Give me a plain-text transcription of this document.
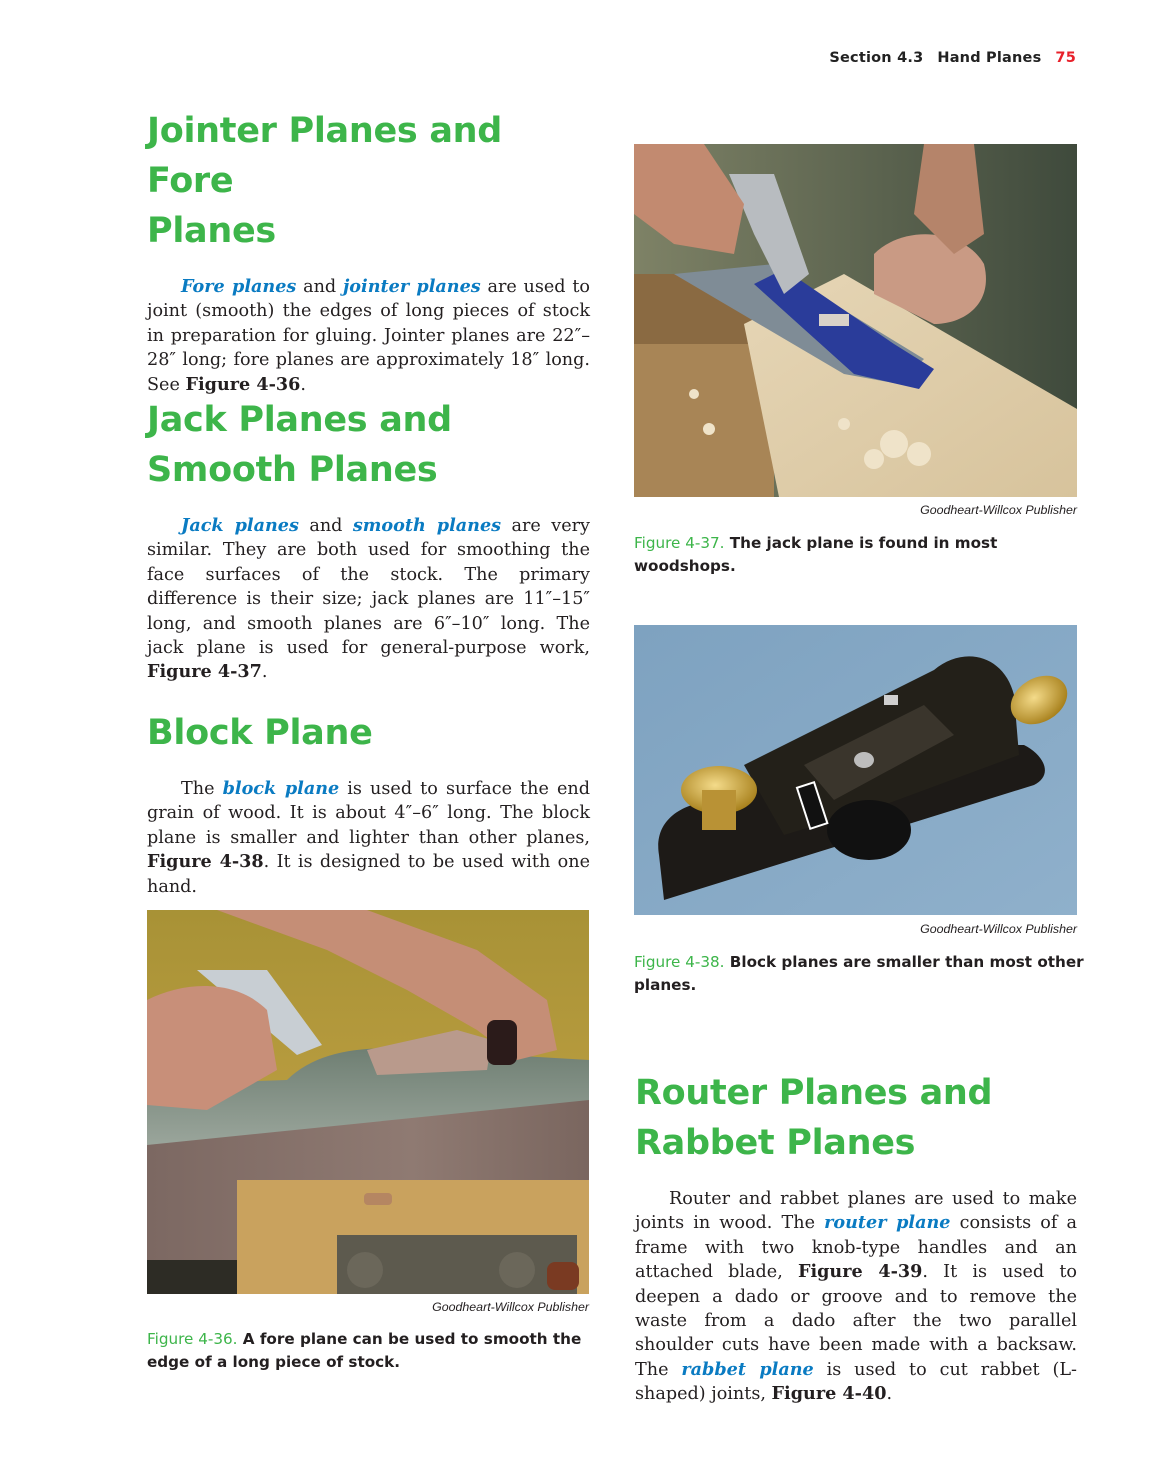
Section 4.3 Hand Planes 75
Jointer Planes and Fore
Planes

Fore planes and jointer planes are used to joint (smooth) the edges of long pieces of stock in preparation for gluing. Jointer planes are 22″–28″ long; fore planes are approximately 18″ long. See Figure 4-36.

Jack Planes and
Smooth Planes

Jack planes and smooth planes are very similar. They are both used for smoothing the face surfaces of the stock. The primary difference is their size; jack planes are 11″–15″ long, and smooth planes are 6″–10″ long. The jack plane is used for general-purpose work, Figure 4-37.

Block Plane

The block plane is used to surface the end grain of wood. It is about 4″–6″ long. The block plane is smaller and lighter than other planes, Figure 4-38. It is designed to be used with one hand.

Goodheart-Willcox Publisher
Figure 4-36. A fore plane can be used to smooth the edge of a long piece of stock.
Goodheart-Willcox Publisher
Figure 4-37. The jack plane is found in most woodshops.
Goodheart-Willcox Publisher
Figure 4-38. Block planes are smaller than most other planes.
Router Planes and
Rabbet Planes

Router and rabbet planes are used to make joints in wood. The router plane consists of a frame with two knob-type handles and an attached blade, Figure 4-39. It is used to deepen a dado or groove and to remove the waste from a dado after the two parallel shoulder cuts have been made with a backsaw. The rabbet plane is used to cut rabbet (L-shaped) joints, Figure 4-40.
